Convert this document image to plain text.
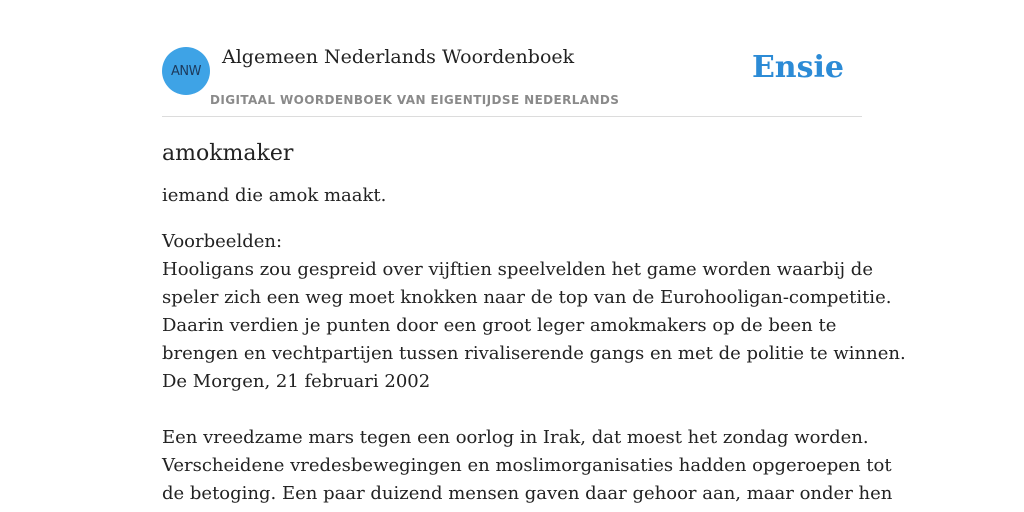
ANW
Algemeen Nederlands Woordenboek
DIGITAAL WOORDENBOEK VAN EIGENTIJDSE NEDERLANDS
Ensie
amokmaker

iemand die amok maakt.

Voorbeelden:

Hooligans zou gespreid over vijftien speelvelden het game worden waarbij de
speler zich een weg moet knokken naar de top van de Eurohooligan-competitie.
Daarin verdien je punten door een groot leger amokmakers op de been te
brengen en vechtpartijen tussen rivaliserende gangs en met de politie te winnen.
De Morgen, 21 februari 2002
Een vreedzame mars tegen een oorlog in Irak, dat moest het zondag worden.
Verscheidene vredesbewegingen en moslimorganisaties hadden opgeroepen tot
de betoging. Een paar duizend mensen gaven daar gehoor aan, maar onder hen
